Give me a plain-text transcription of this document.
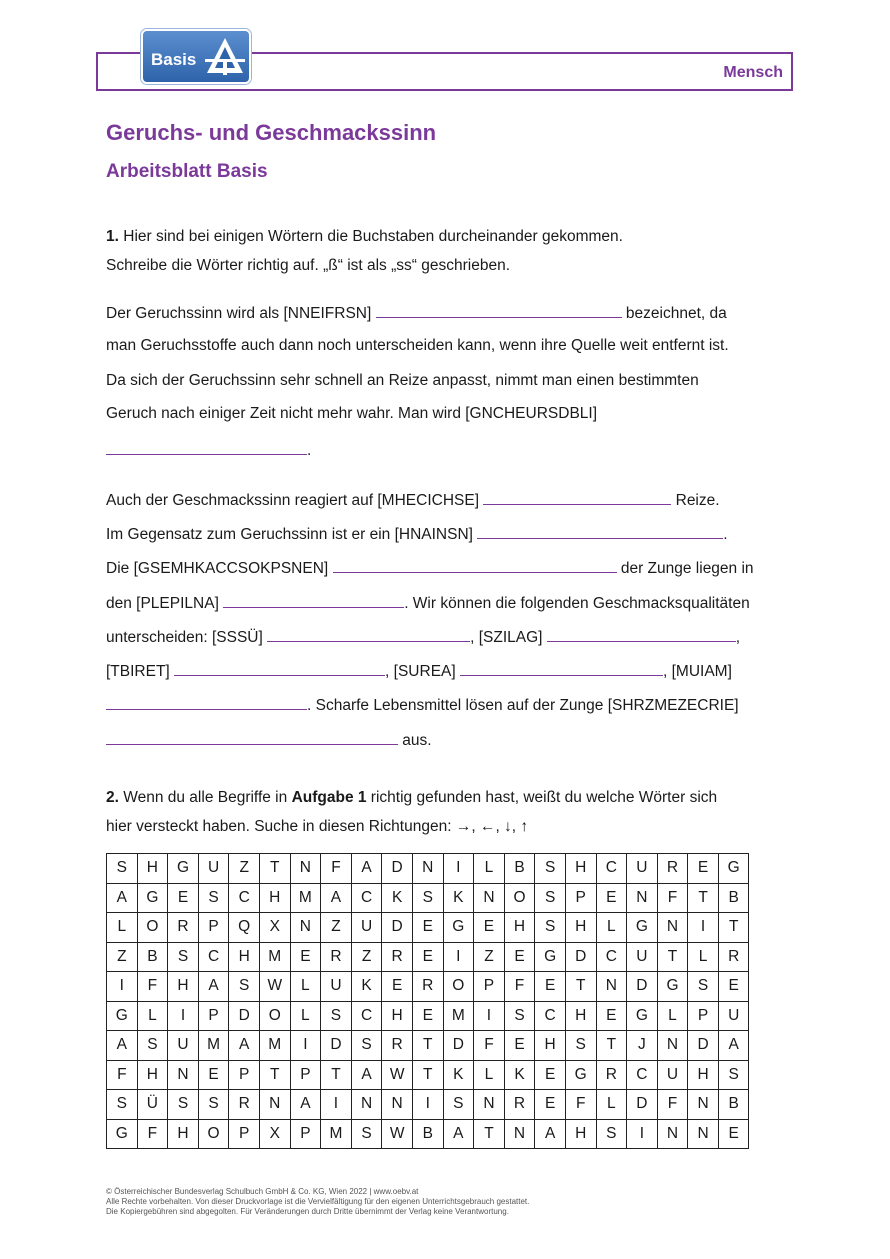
Basis
Mensch
Geruchs- und Geschmackssinn
Arbeitsblatt Basis
1. Hier sind bei einigen Wörtern die Buchstaben durcheinander gekommen.
Schreibe die Wörter richtig auf. „ß“ ist als „ss“ geschrieben.
Der Geruchssinn wird als [NNEIFRSN]	bezeichnet, da
man Geruchsstoffe auch dann noch unterscheiden kann, wenn ihre Quelle weit entfernt ist.
Da sich der Geruchssinn sehr schnell an Reize anpasst, nimmt man einen bestimmten
Geruch nach einiger Zeit nicht mehr wahr. Man wird [GNCHEURSDBLI]
.
Auch der Geschmackssinn reagiert auf [MHECICHSE]	Reize.
Im Gegensatz zum Geruchssinn ist er ein [HNAINSN]	.
Die [GSEMHKACCSOKPSNEN]	der Zunge liegen in
den [PLEPILNA]	. Wir können die folgenden Geschmacksqualitäten
unterscheiden: [SSSÜ]	, [SZILAG]	,
[TBIRET]	, [SUREA]	, [MUIAM]
. Scharfe Lebensmittel lösen auf der Zunge [SHRZMEZECRIE]
aus.
2. Wenn du alle Begriffe in Aufgabe 1 richtig gefunden hast, weißt du welche Wörter sich
hier versteckt haben. Suche in diesen Richtungen: →, ←, ↓, ↑
S	H	G	U	Z	T	N	F	A	D	N	I	L	B	S	H	C	U	R	E	G
A	G	E	S	C	H	M	A	C	K	S	K	N	O	S	P	E	N	F	T	B
L	O	R	P	Q	X	N	Z	U	D	E	G	E	H	S	H	L	G	N	I	T
Z	B	S	C	H	M	E	R	Z	R	E	I	Z	E	G	D	C	U	T	L	R
I	F	H	A	S	W	L	U	K	E	R	O	P	F	E	T	N	D	G	S	E
G	L	I	P	D	O	L	S	C	H	E	M	I	S	C	H	E	G	L	P	U
A	S	U	M	A	M	I	D	S	R	T	D	F	E	H	S	T	J	N	D	A
F	H	N	E	P	T	P	T	A	W	T	K	L	K	E	G	R	C	U	H	S
S	Ü	S	S	R	N	A	I	N	N	I	S	N	R	E	F	L	D	F	N	B
G	F	H	O	P	X	P	M	S	W	B	A	T	N	A	H	S	I	N	N	E
© Österreichischer Bundesverlag Schulbuch GmbH & Co. KG, Wien 2022 | www.oebv.at
Alle Rechte vorbehalten. Von dieser Druckvorlage ist die Vervielfältigung für den eigenen Unterrichtsgebrauch gestattet.
Die Kopiergebühren sind abgegolten. Für Veränderungen durch Dritte übernimmt der Verlag keine Verantwortung.
